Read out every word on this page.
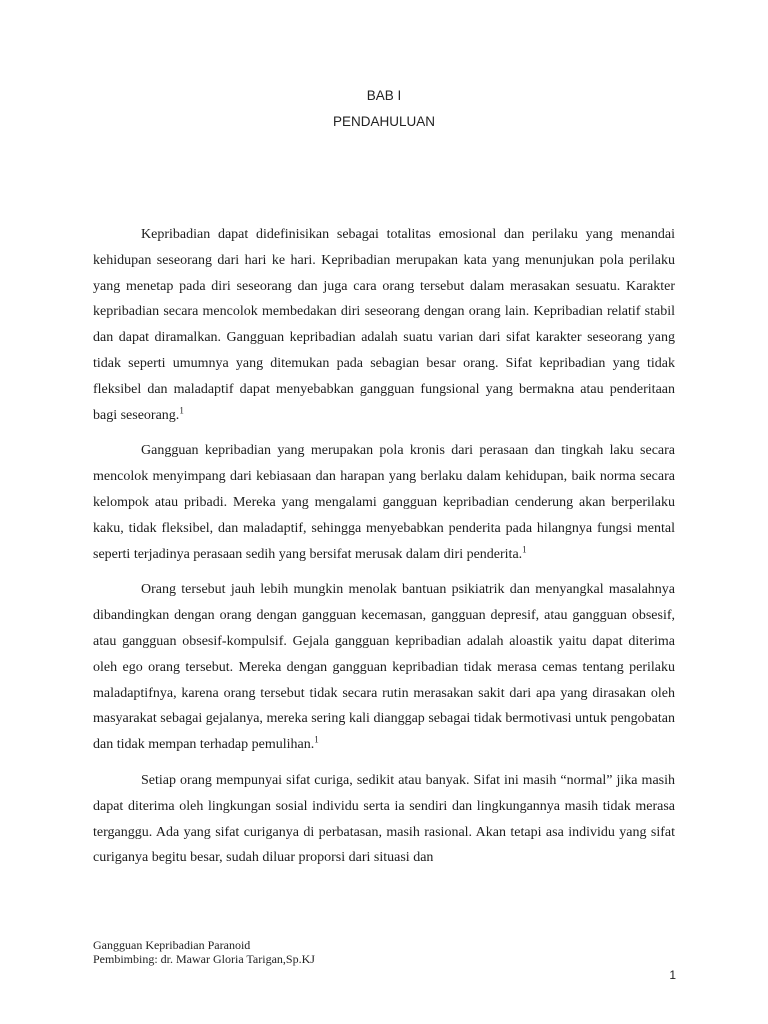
BAB I
PENDAHULUAN

Kepribadian dapat didefinisikan sebagai totalitas emosional dan perilaku yang menandai kehidupan seseorang dari hari ke hari. Kepribadian merupakan kata yang menunjukan pola perilaku yang menetap pada diri seseorang dan juga cara orang tersebut dalam merasakan sesuatu. Karakter kepribadian secara mencolok membedakan diri seseorang dengan orang lain. Kepribadian relatif stabil dan dapat diramalkan. Gangguan kepribadian adalah suatu varian dari sifat karakter seseorang yang tidak seperti umumnya yang ditemukan pada sebagian besar orang. Sifat kepribadian yang tidak fleksibel dan maladaptif dapat menyebabkan gangguan fungsional yang bermakna atau penderitaan bagi seseorang.$^1$

Gangguan kepribadian yang merupakan pola kronis dari perasaan dan tingkah laku secara mencolok menyimpang dari kebiasaan dan harapan yang berlaku dalam kehidupan, baik norma secara kelompok atau pribadi. Mereka yang mengalami gangguan kepribadian cenderung akan berperilaku kaku, tidak fleksibel, dan maladaptif, sehingga menyebabkan penderita pada hilangnya fungsi mental seperti terjadinya perasaan sedih yang bersifat merusak dalam diri penderita.$^1$

Orang tersebut jauh lebih mungkin menolak bantuan psikiatrik dan menyangkal masalahnya dibandingkan dengan orang dengan gangguan kecemasan, gangguan depresif, atau gangguan obsesif, atau gangguan obsesif-kompulsif. Gejala gangguan kepribadian adalah aloastik yaitu dapat diterima oleh ego orang tersebut. Mereka dengan gangguan kepribadian tidak merasa cemas tentang perilaku maladaptifnya, karena orang tersebut tidak secara rutin merasakan sakit dari apa yang dirasakan oleh masyarakat sebagai gejalanya, mereka sering kali dianggap sebagai tidak bermotivasi untuk pengobatan dan tidak mempan terhadap pemulihan.$^1$

Setiap orang mempunyai sifat curiga, sedikit atau banyak. Sifat ini masih “normal” jika masih dapat diterima oleh lingkungan sosial individu serta ia sendiri dan lingkungannya masih tidak merasa terganggu. Ada yang sifat curiganya di perbatasan, masih rasional. Akan tetapi asa individu yang sifat curiganya begitu besar, sudah diluar proporsi dari situasi dan

Gangguan Kepribadian Paranoid
Pembimbing: dr. Mawar Gloria Tarigan,Sp.KJ
1
